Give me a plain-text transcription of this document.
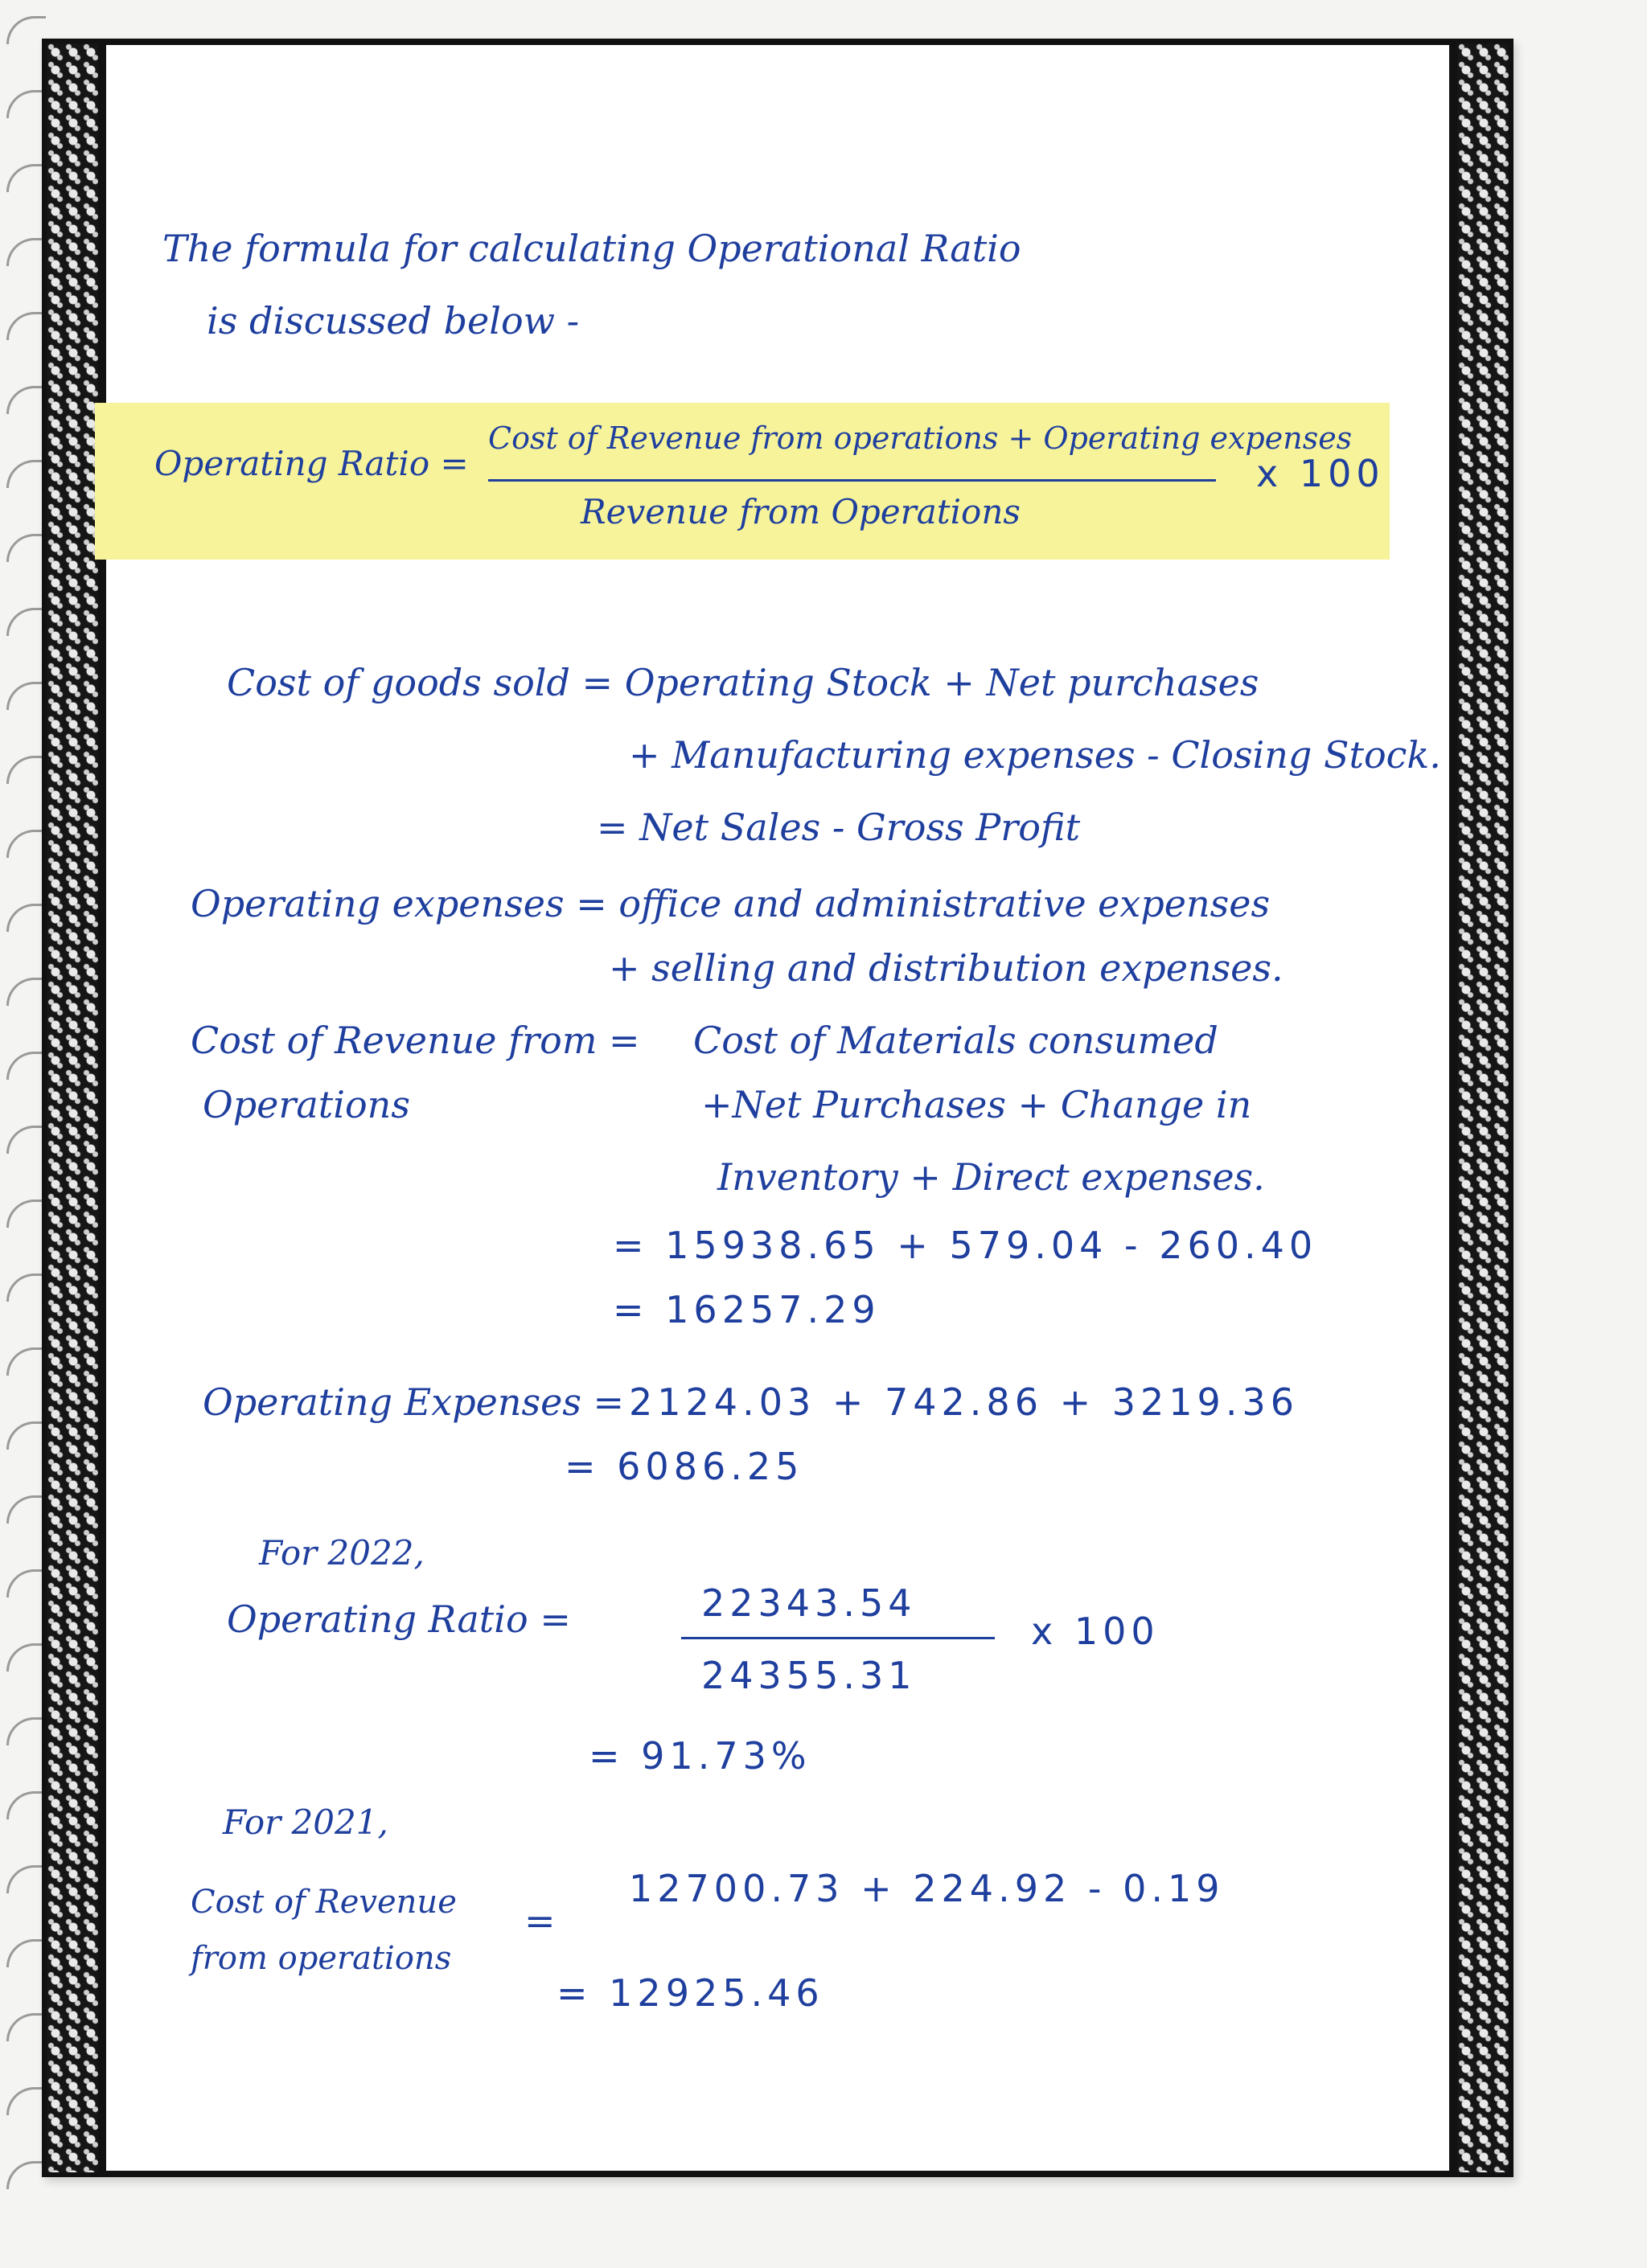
The formula for calculating Operational Ratio
is discussed below -
Operating Ratio =
Cost of Revenue from operations + Operating expenses
Revenue from Operations
x 100
Cost of goods sold = Operating Stock + Net purchases
+ Manufacturing expenses - Closing Stock.
= Net Sales - Gross Profit
Operating expenses = office and administrative expenses
+ selling and distribution expenses.
Cost of Revenue from =
Operations
Cost of Materials consumed
+Net Purchases + Change in
Inventory + Direct expenses.
= 15938.65 + 579.04 - 260.40
= 16257.29
Operating Expenses = 2124.03 + 742.86 + 3219.36
= 6086.25
For 2022,
Operating Ratio =	22343.54
24355.31
x 100
= 91.73%
For 2021,
Cost of Revenue
from operations
=
12700.73 + 224.92 - 0.19
= 12925.46
